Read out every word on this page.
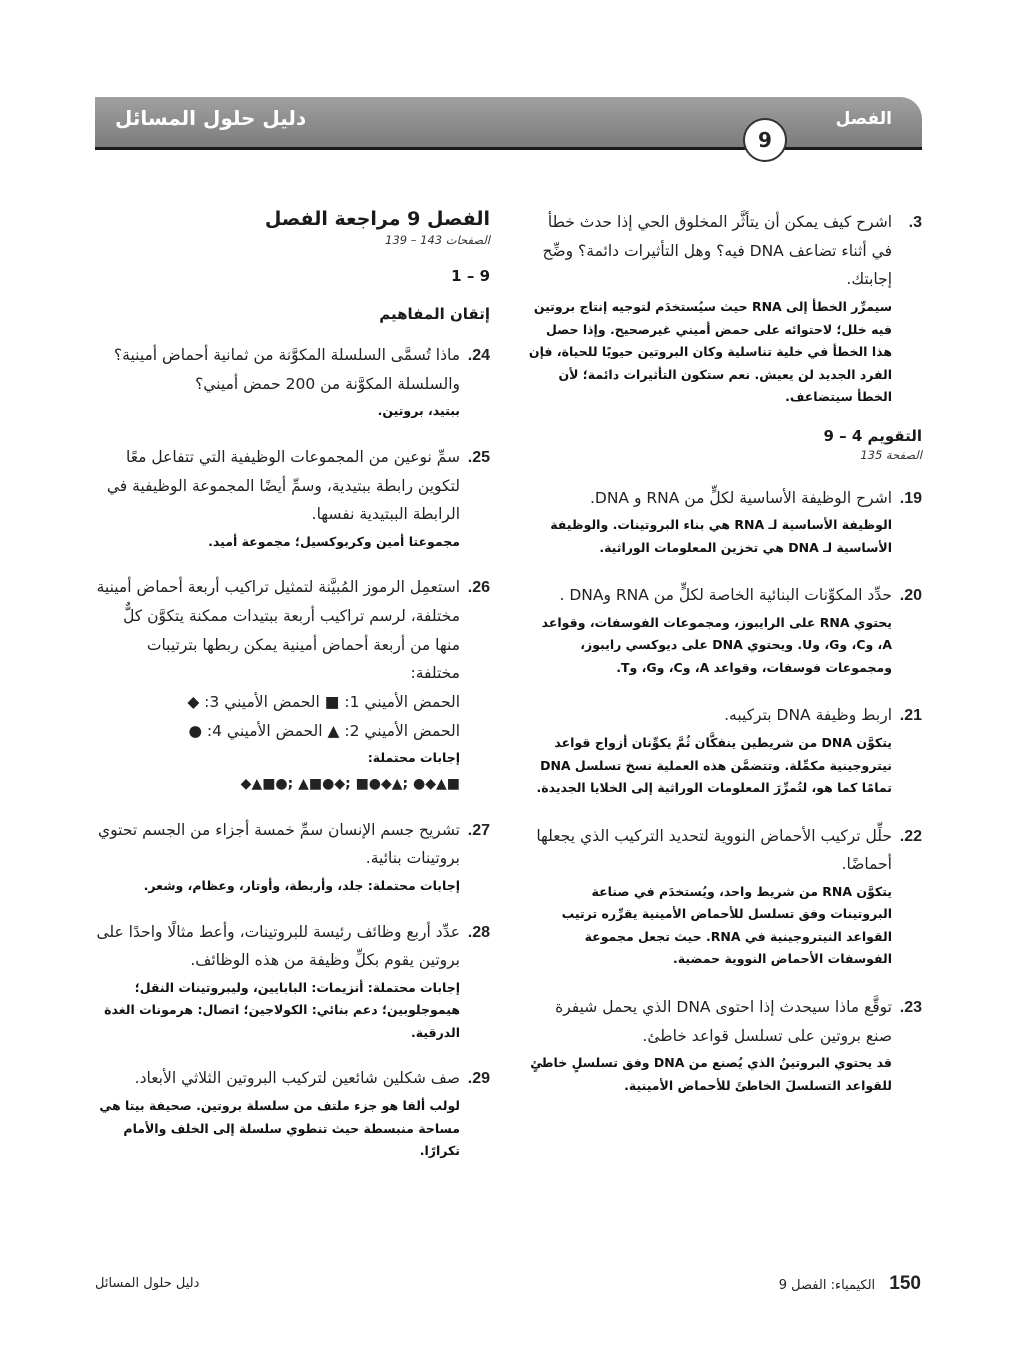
دليل حلول المسائل	الفصل
9
3.
اشرح كيف يمكن أن يتأثَّر المخلوق الحي إذا حدث خطأ في أثناء تضاعف DNA فيه؟ وهل التأثيرات دائمة؟ وضِّح إجابتك.
سيمرِّر الخطأ إلى RNA حيث سيُستخدَم لتوجيه إنتاج بروتين فيه خلل؛ لاحتوائه على حمض أميني غيرصحيح. وإذا حصل هذا الخطأ في خلية تناسلية وكان البروتين حيويًا للحياة، فإن الفرد الجديد لن يعيش. نعم ستكون التأثيرات دائمة؛ لأن الخطأ سيتضاعف.
التقويم 4 – 9
الصفحة 135
19.
اشرح الوظيفة الأساسية لكلٍّ من RNA و DNA.
الوظيفة الأساسية لـ RNA هي بناء البروتينات. والوظيفة الأساسية لـ DNA هي تخزين المعلومات الوراثية.
20.
حدِّد المكوِّنات البنائية الخاصة لكلٍّ من RNA وDNA .
يحتوي RNA على الرايبوز، ومجموعات الفوسفات، وقواعد A، وC، وG، وU. ويحتوي DNA على ديوكسي رايبوز، ومجموعات فوسفات، وقواعد A، وC، وG، وT.
21.
اربط وظيفة DNA بتركيبه.
يتكوَّن DNA من شريطين ينفكَّان ثُمَّ يكوِّنان أزواج قواعد نيتروجينية مكمِّلة. وتتضمَّن هذه العملية نسخ تسلسل DNA تمامًا كما هو، لتُمرِّرَ المعلومات الوراثية إلى الخلايا الجديدة.
22.
حلِّل تركيب الأحماض النووية لتحديد التركيب الذي يجعلها أحماضًا.
يتكوَّن RNA من شريط واحد، ويُستخدَم في صناعة البروتينات وفق تسلسل للأحماض الأمينية يقرِّره ترتيب القواعد النيتروجينية في RNA. حيث تجعل مجموعة الفوسفات الأحماض النووية حمضية.
23.
توقَّع ماذا سيحدث إذا احتوى DNA الذي يحمل شيفرة صنع بروتين على تسلسل قواعد خاطئ.
قد يحتوي البروتينُ الذي يُصنع من DNA وفق تسلسلٍ خاطئٍ للقواعد التسلسلَ الخاطئَ للأحماض الأمينية.
الفصل 9 مراجعة الفصل
الصفحات 143 – 139
9 – 1
إتقان المفاهيم
24.
ماذا تُسمَّى السلسلة المكوَّنة من ثمانية أحماض أمينية؟ والسلسلة المكوَّنة من 200 حمض أميني؟
ببتيد، بروتين.
25.
سمِّ نوعين من المجموعات الوظيفية التي تتفاعل معًا لتكوين رابطة ببتيدية، وسمِّ أيضًا المجموعة الوظيفية في الرابطة الببتيدية نفسها.
مجموعتا أمين وكربوكسيل؛ مجموعة أميد.
26.
استعمِل الرموز المُبيَّنة لتمثيل تراكيب أربعة أحماض أمينية مختلفة، لرسم تراكيب أربعة ببتيدات ممكنة يتكوَّن كلٌّ منها من أربعة أحماض أمينية يمكن ربطها بترتيبات مختلفة:
الحمض الأميني 1: ■ الحمض الأميني 3: ◆
الحمض الأميني 2: ▲ الحمض الأميني 4: ●
إجابات محتملة:
◆▲■●; ▲■●◆; ■●◆▲; ●◆▲■
27.
تشريح جسم الإنسان سمِّ خمسة أجزاء من الجسم تحتوي بروتينات بنائية.
إجابات محتملة: جلد، وأربطة، وأوتار، وعظام، وشعر.
28.
عدِّد أربع وظائف رئيسة للبروتينات، وأعط مثالًا واحدًا على بروتين يقوم بكلِّ وظيفة من هذه الوظائف.
إجابات محتملة: أنزيمات: البابايين، وليبروتينات النقل؛ هيموجلوبين؛ دعم بنائي: الكولاجين؛ اتصال: هرمونات الغدة الدرقية.
29.
صف شكلين شائعين لتركيب البروتين الثلاثي الأبعاد.
لولب ألفا هو جزء ملتف من سلسلة بروتين. صحيفة بيتا هي مساحة منبسطة حيث تنطوي سلسلة إلى الخلف والأمام تكرارًا.
150 الكيمياء: الفصل 9
دليل حلول المسائل
